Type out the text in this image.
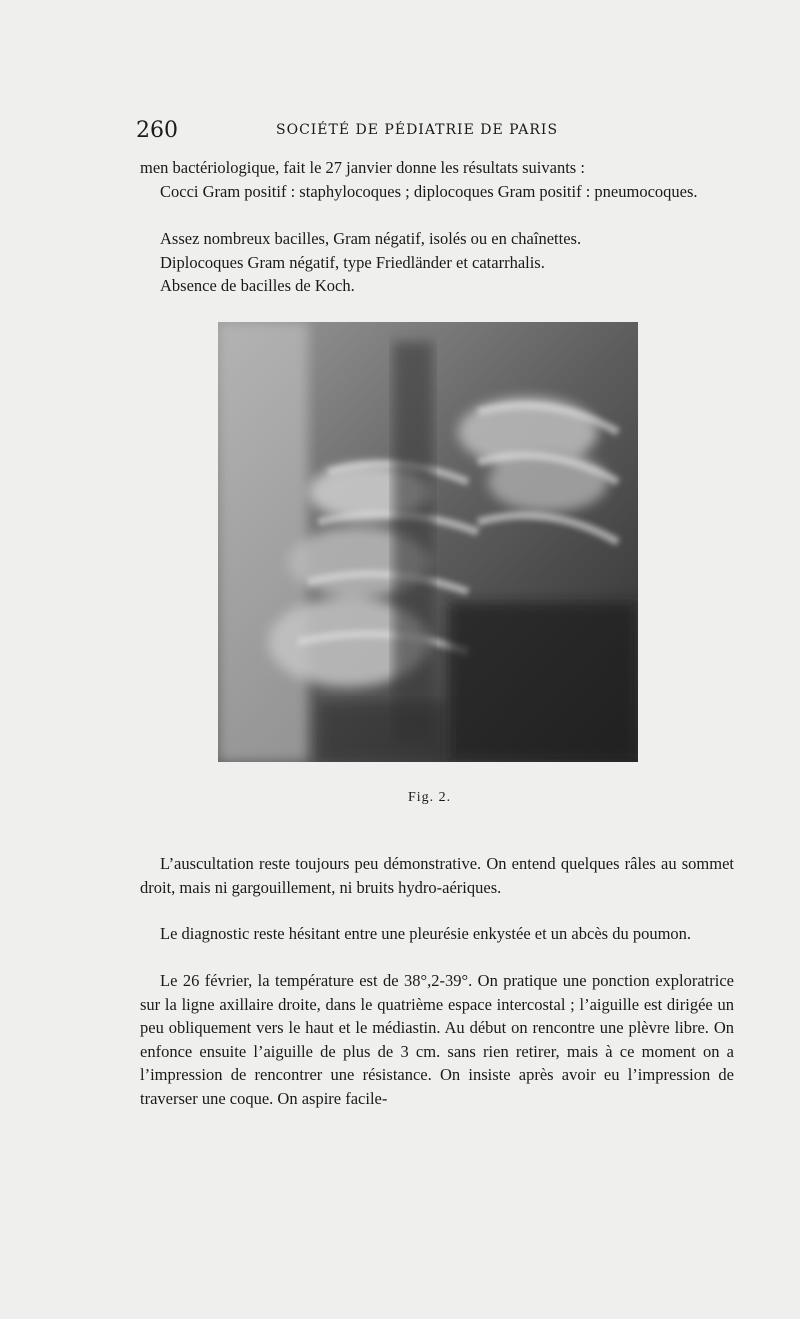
260	SOCIÉTÉ DE PÉDIATRIE DE PARIS

men bactériologique, fait le 27 janvier donne les résultats suivants :

Cocci Gram positif : staphylocoques ; diplocoques Gram positif : pneumocoques.

Assez nombreux bacilles, Gram négatif, isolés ou en chaînettes.

Diplocoques Gram négatif, type Friedländer et catarrhalis.

Absence de bacilles de Koch.

Fig. 2.

L’auscultation reste toujours peu démonstrative. On entend quelques râles au sommet droit, mais ni gargouillement, ni bruits hydro-aériques.

Le diagnostic reste hésitant entre une pleurésie enkystée et un abcès du poumon.

Le 26 février, la température est de 38°,2-39°. On pratique une ponction exploratrice sur la ligne axillaire droite, dans le quatrième espace intercostal ; l’aiguille est dirigée un peu obliquement vers le haut et le médiastin. Au début on rencontre une plèvre libre. On enfonce ensuite l’aiguille de plus de 3 cm. sans rien retirer, mais à ce moment on a l’impression de rencontrer une résistance. On insiste après avoir eu l’impression de traverser une coque. On aspire facile-
